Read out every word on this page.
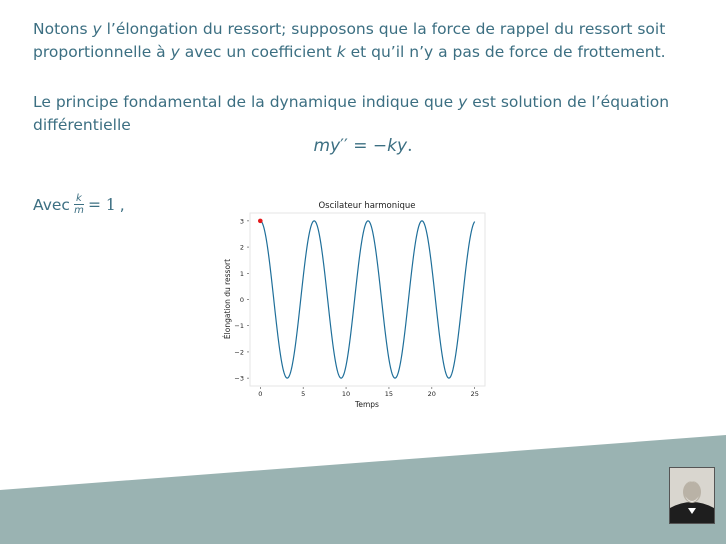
Notons y l’élongation du ressort; supposons que la force de rappel du ressort soit proportionnelle à y avec un coefficient k et qu’il n’y a pas de force de frottement.
Le principe fondamental de la dynamique indique que y est solution de l’équation différentielle
my′′ = −ky.
Avec $\frac{k}{m} = 1$ ,	Oscilateur harmonique
3
2
1
0
−1
−2
−3
0	5	10	15	20	25
Temps
Élongation du ressort
